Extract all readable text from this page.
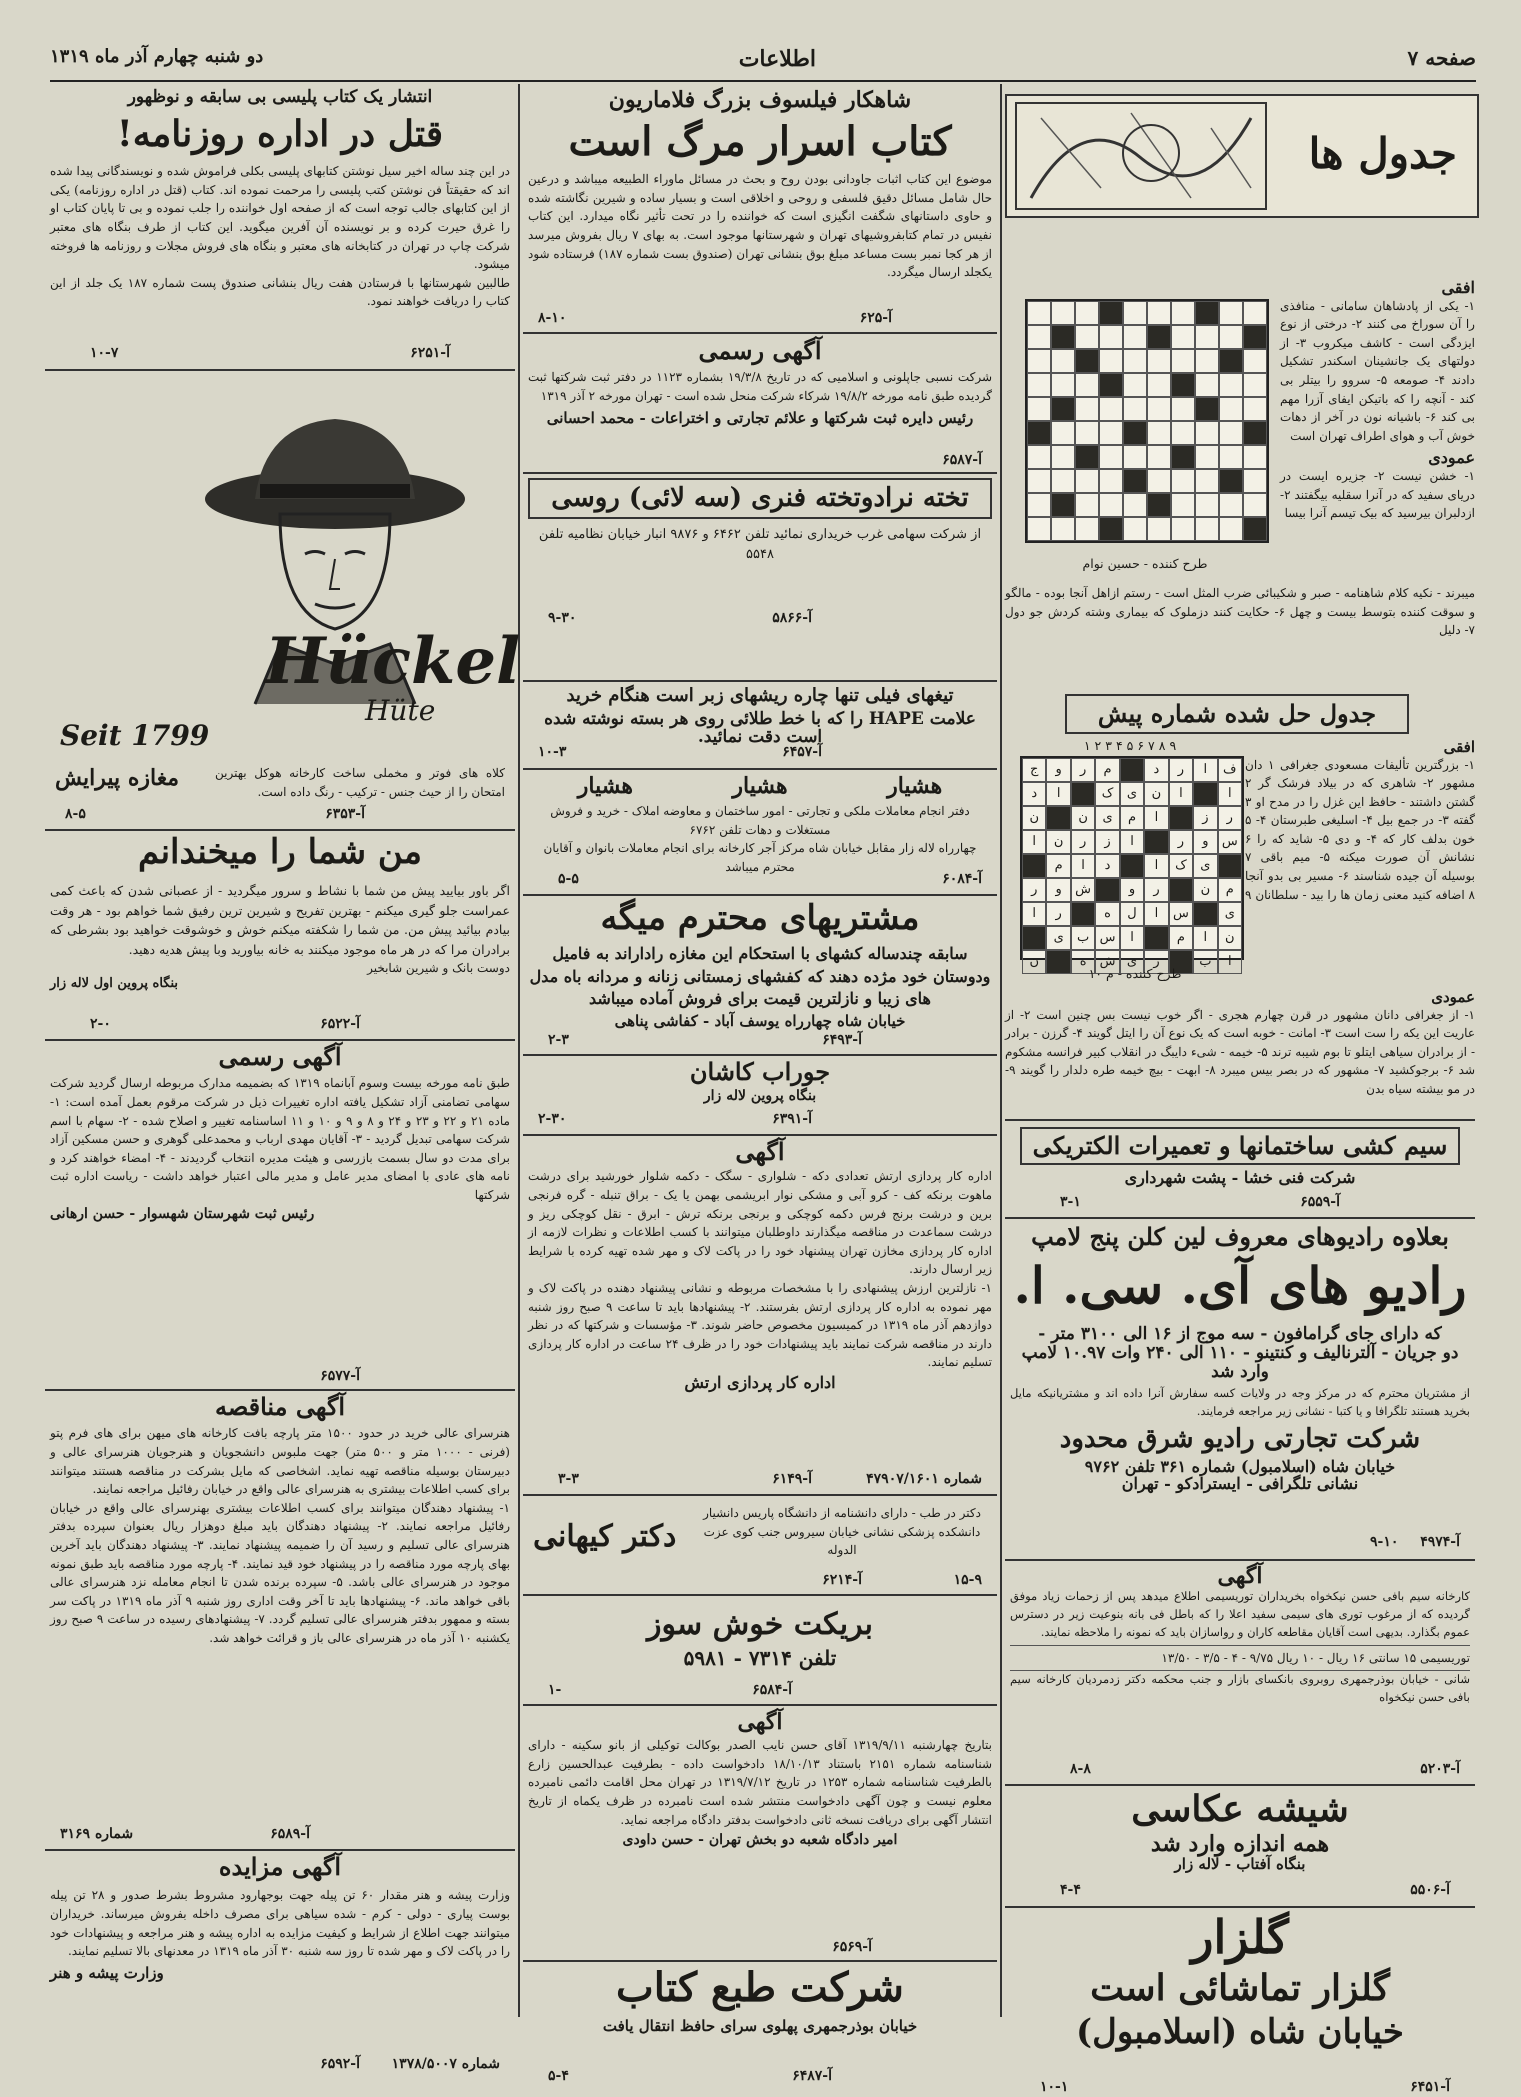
صفحه ۷
اطلاعات
دو شنبه چهارم آذر ماه ۱۳۱۹
جدول ها
طرح کننده - حسین نوام
افقی
۱- یکی از پادشاهان سامانی - منافذی را آن سوراخ می کنند ۲- درختی از نوع ایزدگی است - کاشف میکروب ۳- از دولتهای یک جانشینان اسکندر تشکیل دادند ۴- صومعه ۵- سروو را بیتلر بی کند - آنچه را که باتیکن ایفای آزرا مهم بی کند ۶- باشیانه نون در آخر از دهات خوش آب و هوای اطراف تهران است
عمودی
۱- خشن نیست ۲- جزیره ایست در دریای سفید که در آنرا سقلیه بیگفتند ۲- ازدلبران بیرسید که بیک تیسم آنرا بیسا
میبرند - نکیه کلام شاهنامه - صبر و شکیبائی ضرب المثل است - رستم ازاهل آنجا بوده - مالگو و سوقت کننده بتوسط بیست و چهل ۶- حکایت کنند دزملوک که بیماری وشته کردش جو دول ۷- دلیل
جدول حل شده شماره پیش
۹ ۸ ۷ ۶ ۵ ۴ ۳ ۲ ۱
ف
ا
ر
د
م
ر
و
ج
ا
ا
ن
ی
ک
ا
د
ر
ز
ا
م
ی
ن
ن
س
و
ر
ا
ز
ر
ن
ا
ی
ک
ا
د
ا
م
م
ن
ر
و
ش
و
ر
ی
س
ا
ل
ه
ر
ا
ن
ا
م
ا
س
ب
ی
ا
ب
ر
ی
ش
ه
ن
طرح کننده - م ۱۰
افقی
۱- بزرگترین تألیفات مسعودی جغرافی ۱ دان مشهور ۲- شاهری که در بیلاد فرشک گر ۲ گشتن داشتند - حافظ این غزل را در مدح او ۳ گفته ۳- در جمع بیل ۴- اسلیغی طبرستان ۴- ۵ خون بدلف کار که ۴- و دی ۵- شاید که را ۶ نشانش آن صورت میکنه ۵- میم باقی ۷ بوسیله آن جیده شناسند ۶- مسیر بی بدو آنجا ۸ اضافه کنید معنی زمان ها را بید - سلطانان ۹
عمودی
۱- از جغرافی دانان مشهور در قرن چهارم هجری - اگر خوب نیست بس چنین است ۲- از عاریت این یکه را ست است ۳- امانت - خوبه است که یک نوع آن را ایتل گویند ۴- گرزن - برادر - از برادران سیاهی ایتلو تا بوم شیبه ترند ۵- خیمه - شیء دایبگ در انقلاب کبیر فرانسه مشکوم شد ۶- برجوکشید ۷- مشهور که در بصر بیس میبرد ۸- ابهت - بیچ خیمه طره دلدار را گویند ۹- در مو بیشته سیاه بدن
سیم کشی ساختمانها و تعمیرات الکتریکی
شرکت فنی خشا - پشت شهرداری
آ-۶۵۵۹
۳-۱
بعلاوه رادیوهای معروف لین کلن پنج لامپ
رادیو های آی. سی. ا.
که دارای جای گرامافون - سه موج از ۱۶ الی ۳۱۰۰ متر -
دو جریان - آلترنالیف و کنتینو - ۱۱۰ الی ۲۴۰ وات ۱۰.۹۷ لامپ
وارد شد
از مشتریان محترم که در مرکز وجه در ولایات کسه سفارش آنرا داده اند و مشتریانیکه مایل بخرید هستند تلگرافا و یا کتبا - نشانی زیر مراجعه فرمایند.
شرکت تجارتی رادیو شرق محدود
خیابان شاه (اسلامبول) شماره ۳۶۱ تلفن ۹۷۶۲
نشانی تلگرافی - ایسترادکو - تهران
آ-۴۹۷۴
۹-۱۰
آگهی
کارخانه سیم بافی حسن نیکخواه بخریداران توریسیمی اطلاع میدهد پس از زحمات زیاد موفق گردیده که از مرغوب توری های سیمی سفید اعلا را که باطل فی بانه بنوعیت زیر در دسترس عموم بگذارد. بدیهی است آقایان مقاطعه کاران و رواسازان باید که نمونه را ملاحظه نمایند.
توریسیمی ۱۵ سانتی ۱۶ ریال - ۱۰ ریال ۹/۷۵ - ۴ - ۳/۵ - ۱۳/۵۰
شانی - خیابان بوذرجمهری روبروی بانکسای بازار و جنب محکمه دکتر زدمردیان کارخانه سیم بافی حسن نیکخواه
آ-۵۲۰۳
۸-۸
شیشه عکاسی
همه اندازه وارد شد
بنگاه آفتاب - لاله زار
آ-۵۵۰۶
۴-۴
گلزار
گلزار تماشائی است
خیابان شاه (اسلامبول)
آ-۶۴۵۱
۱۰-۱
شاهکار فیلسوف بزرگ فلاماریون
کتاب اسرار مرگ است
موضوع این کتاب اثبات جاودانی بودن روح و بحث در مسائل ماوراء الطبیعه میباشد و درعین حال شامل مسائل دقیق فلسفی و روحی و اخلاقی است و بسیار ساده و شیرین نگاشته شده و حاوی داستانهای شگفت انگیزی است که خواننده را در تحت تأثیر نگاه میدارد. این کتاب نفیس در تمام کتابفروشیهای تهران و شهرستانها موجود است. به بهای ۷ ریال بفروش میرسد از هر کجا نمبر بست مساعد مبلغ بوق بنشانی تهران (صندوق بست شماره ۱۸۷) فرستاده شود یکجلد ارسال میگردد.
آ-۶۲۵
۸-۱۰
آگهی رسمی
شرکت نسبی جاپلونی و اسلامیی که در تاریخ ۱۹/۳/۸ بشماره ۱۱۲۳ در دفتر ثبت شرکتها ثبت گردیده طبق نامه مورخه ۱۹/۸/۲ شرکاء شرکت منحل شده است - تهران مورخه ۲ آذر ۱۳۱۹
رئیس دایره ثبت شرکتها و علائم تجارتی و اختراعات - محمد احسانی
آ-۶۵۸۷
تخته نرادوتخته فنری (سه لائی) روسی
از شرکت سهامی غرب خریداری نمائید تلفن ۶۴۶۲ و ۹۸۷۶ انبار خیابان نظامیه تلفن ۵۵۴۸
آ-۵۸۶۶
۹-۳۰
تیغهای فیلی تنها چاره ریشهای زبر است هنگام خرید
علامت HAPE را که با خط طلائی روی هر بسته نوشته شده است دقت نمائید.
آ-۶۴۵۷
۱۰-۳
هشیار
هشیار
هشیار
دفتر انجام معاملات ملکی و تجارتی - امور ساختمان و معاوضه املاک - خرید و فروش مستغلات و دهات تلفن ۶۷۶۲
چهارراه لاله زار مقابل خیابان شاه مرکز آجر کارخانه برای انجام معاملات بانوان و آقایان محترم میباشد
آ-۶۰۸۴
۵-۵
مشتریهای محترم میگه
سابقه چندساله کشهای با استحکام این مغازه راداراند به فامیل ودوستان خود مژده دهند که کفشهای زمستانی زنانه و مردانه باه مدل های زیبا و نازلترین قیمت برای فروش آماده میباشد
خیابان شاه چهارراه یوسف آباد - کفاشی پناهی
آ-۶۴۹۳
۲-۳
جوراب کاشان
بنگاه پروین لاله زار
آ-۶۳۹۱
۲-۳۰
آگهی
اداره کار پردازی ارتش تعدادی دکه - شلواری - سگک - دکمه شلوار خورشید برای درشت ماهوت برنکه کف - کرو آبی و مشکی نوار ابریشمی بهمن یا یک - براق تنبله - گره فرنجی برین و درشت برنج فرس دکمه کوچکی و برنجی برنکه ترش - ابرق - نقل کوچکی ریز و درشت سماعدت در مناقصه میگذارند داوطلبان میتوانند با کسب اطلاعات و نظرات لازمه از اداره کار پردازی مخازن تهران پیشنهاد خود را در پاکت لاک و مهر شده تهیه کرده با شرایط زیر ارسال دارند.
۱- نازلترین ارزش پیشنهادی را با مشخصات مربوطه و نشانی پیشنهاد دهنده در پاکت لاک و مهر نموده به اداره کار پردازی ارتش بفرستند. ۲- پیشنهادها باید تا ساعت ۹ صبح روز شنبه دوازدهم آذر ماه ۱۳۱۹ در کمیسیون مخصوص حاضر شوند. ۳- مؤسسات و شرکتها که در نظر دارند در مناقصه شرکت نمایند باید پیشنهادات خود را در ظرف ۲۴ ساعت در اداره کار پردازی تسلیم نمایند.
اداره کار پردازی ارتش
آ-۶۱۴۹
۳-۳	شماره ۴۷۹۰۷/۱۶۰۱
دکتر کیهانی
دکتر در طب - دارای دانشنامه از دانشگاه پاریس دانشیار دانشکده پزشکی نشانی خیابان سیروس جنب کوی عزت الدوله
آ-۶۲۱۴	۱۵-۹
بریکت خوش سوز
تلفن ۷۳۱۴ - ۵۹۸۱
آ-۶۵۸۴
۱-
آگهی
بتاریخ چهارشنبه ۱۳۱۹/۹/۱۱ آقای حسن نایب الصدر بوکالت توکیلی از بانو سکینه - دارای شناسنامه شماره ۲۱۵۱ باستناد ۱۸/۱۰/۱۳ دادخواست داده - بطرفیت عبدالحسین زارع بالطرفیت شناسنامه شماره ۱۲۵۳ در تاریخ ۱۳۱۹/۷/۱۲ در تهران محل اقامت دائمی نامبرده معلوم نیست و چون آگهی دادخواست منتشر شده است نامبرده در ظرف یکماه از تاریخ انتشار آگهی برای دریافت نسخه ثانی دادخواست بدفتر دادگاه مراجعه نماید.
امیر دادگاه شعبه دو بخش تهران - حسن داودی
آ-۶۵۶۹
شرکت طبع کتاب
خیابان بوذرجمهری پهلوی سرای حافظ انتقال یافت
آ-۶۴۸۷
۵-۴
انتشار یک کتاب پلیسی بی سابقه و نوظهور
قتل در اداره روزنامه!
در این چند ساله اخیر سیل نوشتن کتابهای پلیسی بکلی فراموش شده و نویسندگانی پیدا شده اند که حقیقتاً فن نوشتن کتب پلیسی را مرحمت نموده اند. کتاب (قتل در اداره روزنامه) یکی از این کتابهای جالب توجه است که از صفحه اول خواننده را جلب نموده و بی تا پایان کتاب او را غرق حیرت کرده و بر نویسنده آن آفرین میگوید. این کتاب از طرف بنگاه های معتبر شرکت چاپ در تهران در کتابخانه های معتبر و بنگاه های فروش مجلات و روزنامه ها فروخته میشود.
طالبین شهرستانها با فرستادن هفت ریال بنشانی صندوق پست شماره ۱۸۷ یک جلد از این کتاب را دریافت خواهند نمود.
آ-۶۲۵۱
۱۰-۷
Hückel
Hüte
Seit 1799
کلاه های فوتر و مخملی ساخت کارخانه هوکل بهترین امتحان را از حیث جنس - ترکیب - رنگ داده است.
مغازه پیرایش
آ-۶۳۵۳
۸-۵
من شما را میخندانم
اگر باور بیایید پیش من شما با نشاط و سرور میگردید - از عصبانی شدن که باعث کمی عمراست جلو گیری میکنم - بهترین تفریح و شیرین ترین رفیق شما خواهم بود - هر وقت بیادم بیائید پیش من. من شما را شکفته میکنم خوش و خوشوقت خواهید بود بشرطی که برادران مرا که در هر ماه موجود میکنند به خانه بیاورید وبا پیش هدیه دهید.
دوست بانک و شیرین شابخیر
بنگاه پروین اول لاله زار
آ-۶۵۲۲
۲-۰
آگهی رسمی
طبق نامه مورخه بیست وسوم آبانماه ۱۳۱۹ که بضمیمه مدارک مربوطه ارسال گردید شرکت سهامی تضامنی آزاد تشکیل یافته اداره تغییرات ذیل در شرکت مرقوم بعمل آمده است: ۱- ماده ۲۱ و ۲۲ و ۲۳ و ۲۴ و ۸ و ۹ و ۱۰ و ۱۱ اساسنامه تغییر و اصلاح شده - ۲- سهام با اسم شرکت سهامی تبدیل گردید - ۳- آقایان مهدی ارباب و محمدعلی گوهری و حسن مسکین آزاد برای مدت دو سال بسمت بازرسی و هیئت مدیره انتخاب گردیدند - ۴- امضاء خواهند کرد و نامه های عادی با امضای مدیر عامل و مدیر مالی اعتبار خواهد داشت - ریاست اداره ثبت شرکتها
رئیس ثبت شهرستان شهسوار - حسن ارهانی
آ-۶۵۷۷
آگهی مناقصه
هنرسرای عالی خرید در حدود ۱۵۰۰ متر پارچه بافت کارخانه های میهن برای های فرم پتو (فرنی - ۱۰۰۰ متر و ۵۰۰ متر) جهت ملبوس دانشجویان و هنرجویان هنرسرای عالی و دبیرستان بوسیله مناقصه تهیه نماید. اشخاصی که مایل بشرکت در مناقصه هستند میتوانند برای کسب اطلاعات بیشتری به هنرسرای عالی واقع در خیابان رفائیل مراجعه نمایند.
۱- پیشنهاد دهندگان میتوانند برای کسب اطلاعات بیشتری بهنرسرای عالی واقع در خیابان رفائیل مراجعه نمایند. ۲- پیشنهاد دهندگان باید مبلغ دوهزار ریال بعنوان سپرده بدفتر هنرسرای عالی تسلیم و رسید آن را ضمیمه پیشنهاد نمایند. ۳- پیشنهاد دهندگان باید آخرین بهای پارچه مورد مناقصه را در پیشنهاد خود قید نمایند. ۴- پارچه مورد مناقصه باید طبق نمونه موجود در هنرسرای عالی باشد. ۵- سپرده برنده شدن تا انجام معامله نزد هنرسرای عالی باقی خواهد ماند. ۶- پیشنهادها باید تا آخر وقت اداری روز شنبه ۹ آذر ماه ۱۳۱۹ در پاکت سر بسته و ممهور بدفتر هنرسرای عالی تسلیم گردد. ۷- پیشنهادهای رسیده در ساعت ۹ صبح روز یکشنبه ۱۰ آذر ماه در هنرسرای عالی باز و قرائت خواهد شد.
آ-۶۵۸۹
شماره ۳۱۶۹
آگهی مزایده
وزارت پیشه و هنر مقدار ۶۰ تن پیله جهت بوجهارود مشروط بشرط صدور و ۲۸ تن پیله بوست پیاری - دولی - کرم - شده سیاهی برای مصرف داخله بفروش میرساند. خریداران میتوانند جهت اطلاع از شرایط و کیفیت مزایده به اداره پیشه و هنر مراجعه و پیشنهادات خود را در پاکت لاک و مهر شده تا روز سه شنبه ۳۰ آذر ماه ۱۳۱۹ در معدنهای بالا تسلیم نمایند.
وزارت پیشه و هنر
آ-۶۵۹۲ شماره ۱۳۷۸/۵۰۰۷
